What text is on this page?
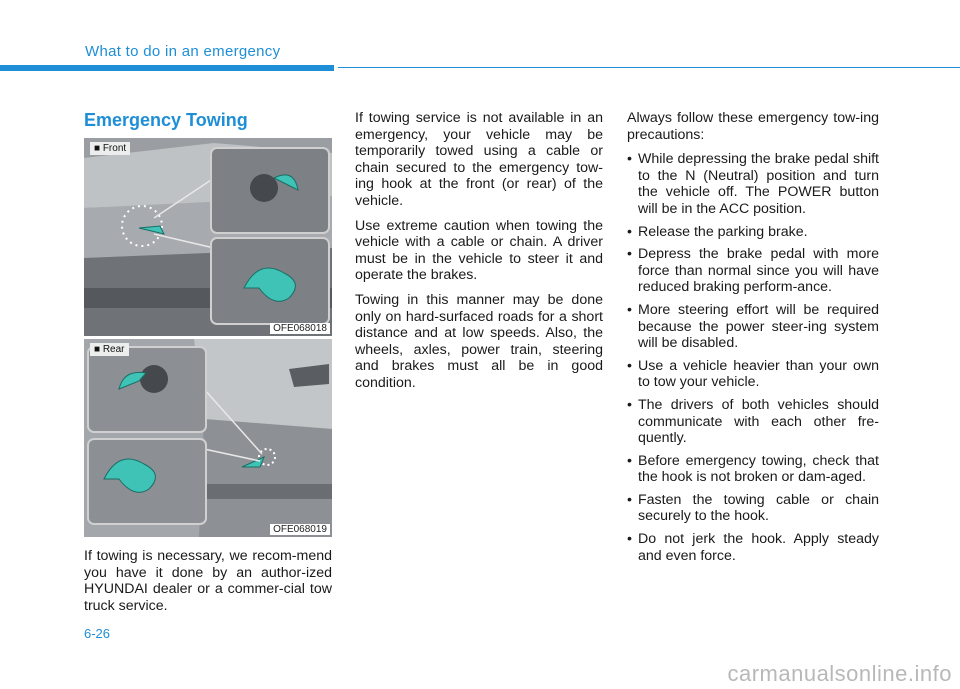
What to do in an emergency
Emergency Towing
■ Front
OFE068018
■ Rear
OFE068019

If towing is necessary, we recom-mend you have it done by an author-ized HYUNDAI dealer or a commer-cial tow truck service.

If towing service is not available in an emergency, your vehicle may be temporarily towed using a cable or chain secured to the emergency tow-ing hook at the front (or rear) of the vehicle.

Use extreme caution when towing the vehicle with a cable or chain. A driver must be in the vehicle to steer it and operate the brakes.

Towing in this manner may be done only on hard-surfaced roads for a short distance and at low speeds. Also, the wheels, axles, power train, steering and brakes must all be in good condition.

Always follow these emergency tow-ing precautions:

• While depressing the brake pedal shift to the N (Neutral) position and turn the vehicle off. The POWER button will be in the ACC position.
• Release the parking brake.
• Depress the brake pedal with more force than normal since you will have reduced braking perform-ance.
• More steering effort will be required because the power steer-ing system will be disabled.
• Use a vehicle heavier than your own to tow your vehicle.
• The drivers of both vehicles should communicate with each other fre-quently.
• Before emergency towing, check that the hook is not broken or dam-aged.
• Fasten the towing cable or chain securely to the hook.
• Do not jerk the hook. Apply steady and even force.
6-26
carmanualsonline.info
